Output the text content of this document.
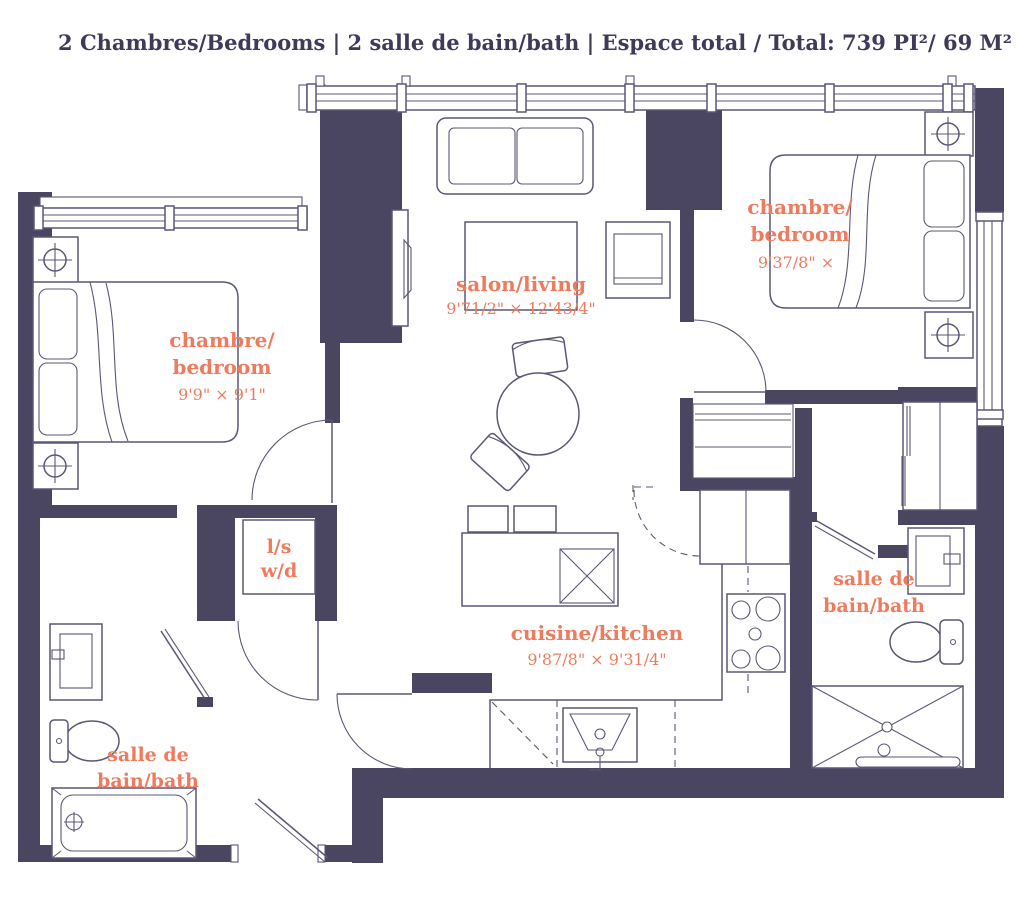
2 Chambres/Bedrooms | 2 salle de bain/bath | Espace total / Total: 739 PI²/ 69 M²
chambre/
bedroom
9'9" × 9'1"
chambre/
bedroom
9'37/8" ×
salon/living
9'71/2" × 12'43/4"
cuisine/kitchen
9'87/8" × 9'31/4"
salle de
bain/bath
salle de
bain/bath
l/s
w/d
